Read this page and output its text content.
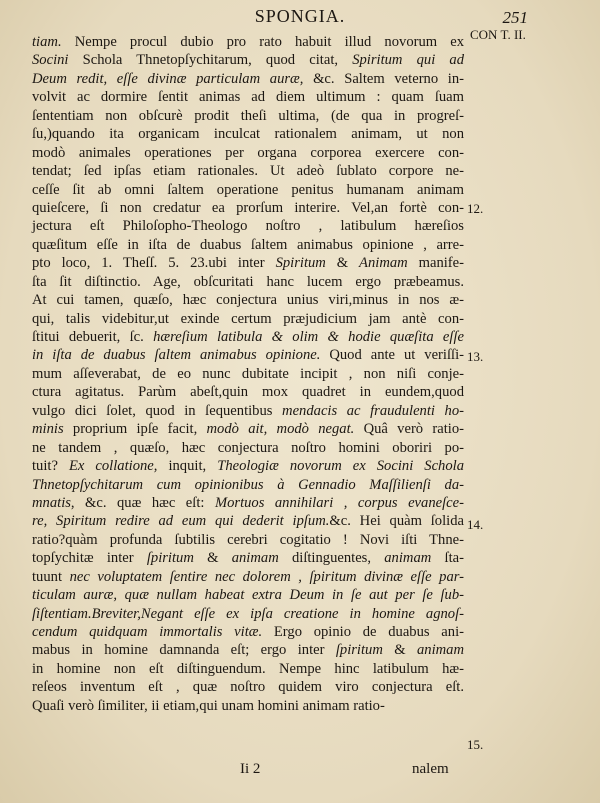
SPONGIA.	251
tiam. Nempe procul dubio pro rato habuit illud novorum ex
Socini Schola Thnetopſychitarum, quod citat, Spiritum qui ad
Deum redit, eſſe divinæ particulam auræ, &c. Saltem veterno in-
volvit ac dormire ſentit animas ad diem ultimum : quam ſuam
ſententiam non obſcurè prodit theſi ultima, (de qua in progreſ-
ſu,)quando ita organicam inculcat rationalem animam, ut non
modò animales operationes per organa corporea exercere con-
tendat; ſed ipſas etiam rationales. Ut adeò ſublato corpore ne-
ceſſe ſit ab omni ſaltem operatione penitus humanam animam
quieſcere, ſi non credatur ea prorſum interire. Vel,an fortè con-
jectura eſt Philoſopho-Theologo noſtro , latibulum hæreſios
quæſitum eſſe in iſta de duabus ſaltem animabus opinione , arre-
pto loco, 1. Theſſ. 5. 23.ubi inter Spiritum & Animam manife-
ſta ſit diſtinctio. Age, obſcuritati hanc lucem ergo præbeamus.
At cui tamen, quæſo, hæc conjectura unius viri,minus in nos æ-
qui, talis videbitur,ut exinde certum præjudicium jam antè con-
ſtitui debuerit, ſc. hæreſium latibula & olim & hodie quæſita eſſe
in iſta de duabus ſaltem animabus opinione. Quod ante ut veriſſi-
mum aſſeverabat, de eo nunc dubitate incipit , non niſi conje-
ctura agitatus. Parùm abeſt,quin mox quadret in eundem,quod
vulgo dici ſolet, quod in ſequentibus mendacis ac fraudulenti ho-
minis proprium ipſe facit, modò ait, modò negat. Quâ verò ratio-
ne tandem , quæſo, hæc conjectura noſtro homini oboriri po-
tuit? Ex collatione, inquit, Theologiæ novorum ex Socini Schola
Thnetopſychitarum cum opinionibus à Gennadio Maſſilienſi da-
mnatis, &c. quæ hæc eſt: Mortuos annihilari , corpus evaneſce-
re, Spiritum redire ad eum qui dederit ipſum.&c. Hei quàm ſolida
ratio?quàm profunda ſubtilis cerebri cogitatio ! Novi iſti Thne-
topſychitæ inter ſpiritum & animam diſtinguentes, animam ſta-
tuunt nec voluptatem ſentire nec dolorem , ſpiritum divinæ eſſe par-
ticulam auræ, quæ nullam habeat extra Deum in ſe aut per ſe ſub-
ſiſtentiam.Breviter,Negant eſſe ex ipſa creatione in homine agnoſ-
cendum quidquam immortalis vitæ. Ergo opinio de duabus ani-
mabus in homine damnanda eſt; ergo inter ſpiritum & animam
in homine non eſt diſtinguendum. Nempe hinc latibulum hæ-
reſeos inventum eſt , quæ noſtro quidem viro conjectura eſt.
Quaſi verò ſimiliter, ii etiam,qui unam homini animam ratio-
CON T. II.
12.
13.
14.
15.
Ii 2	nalem
